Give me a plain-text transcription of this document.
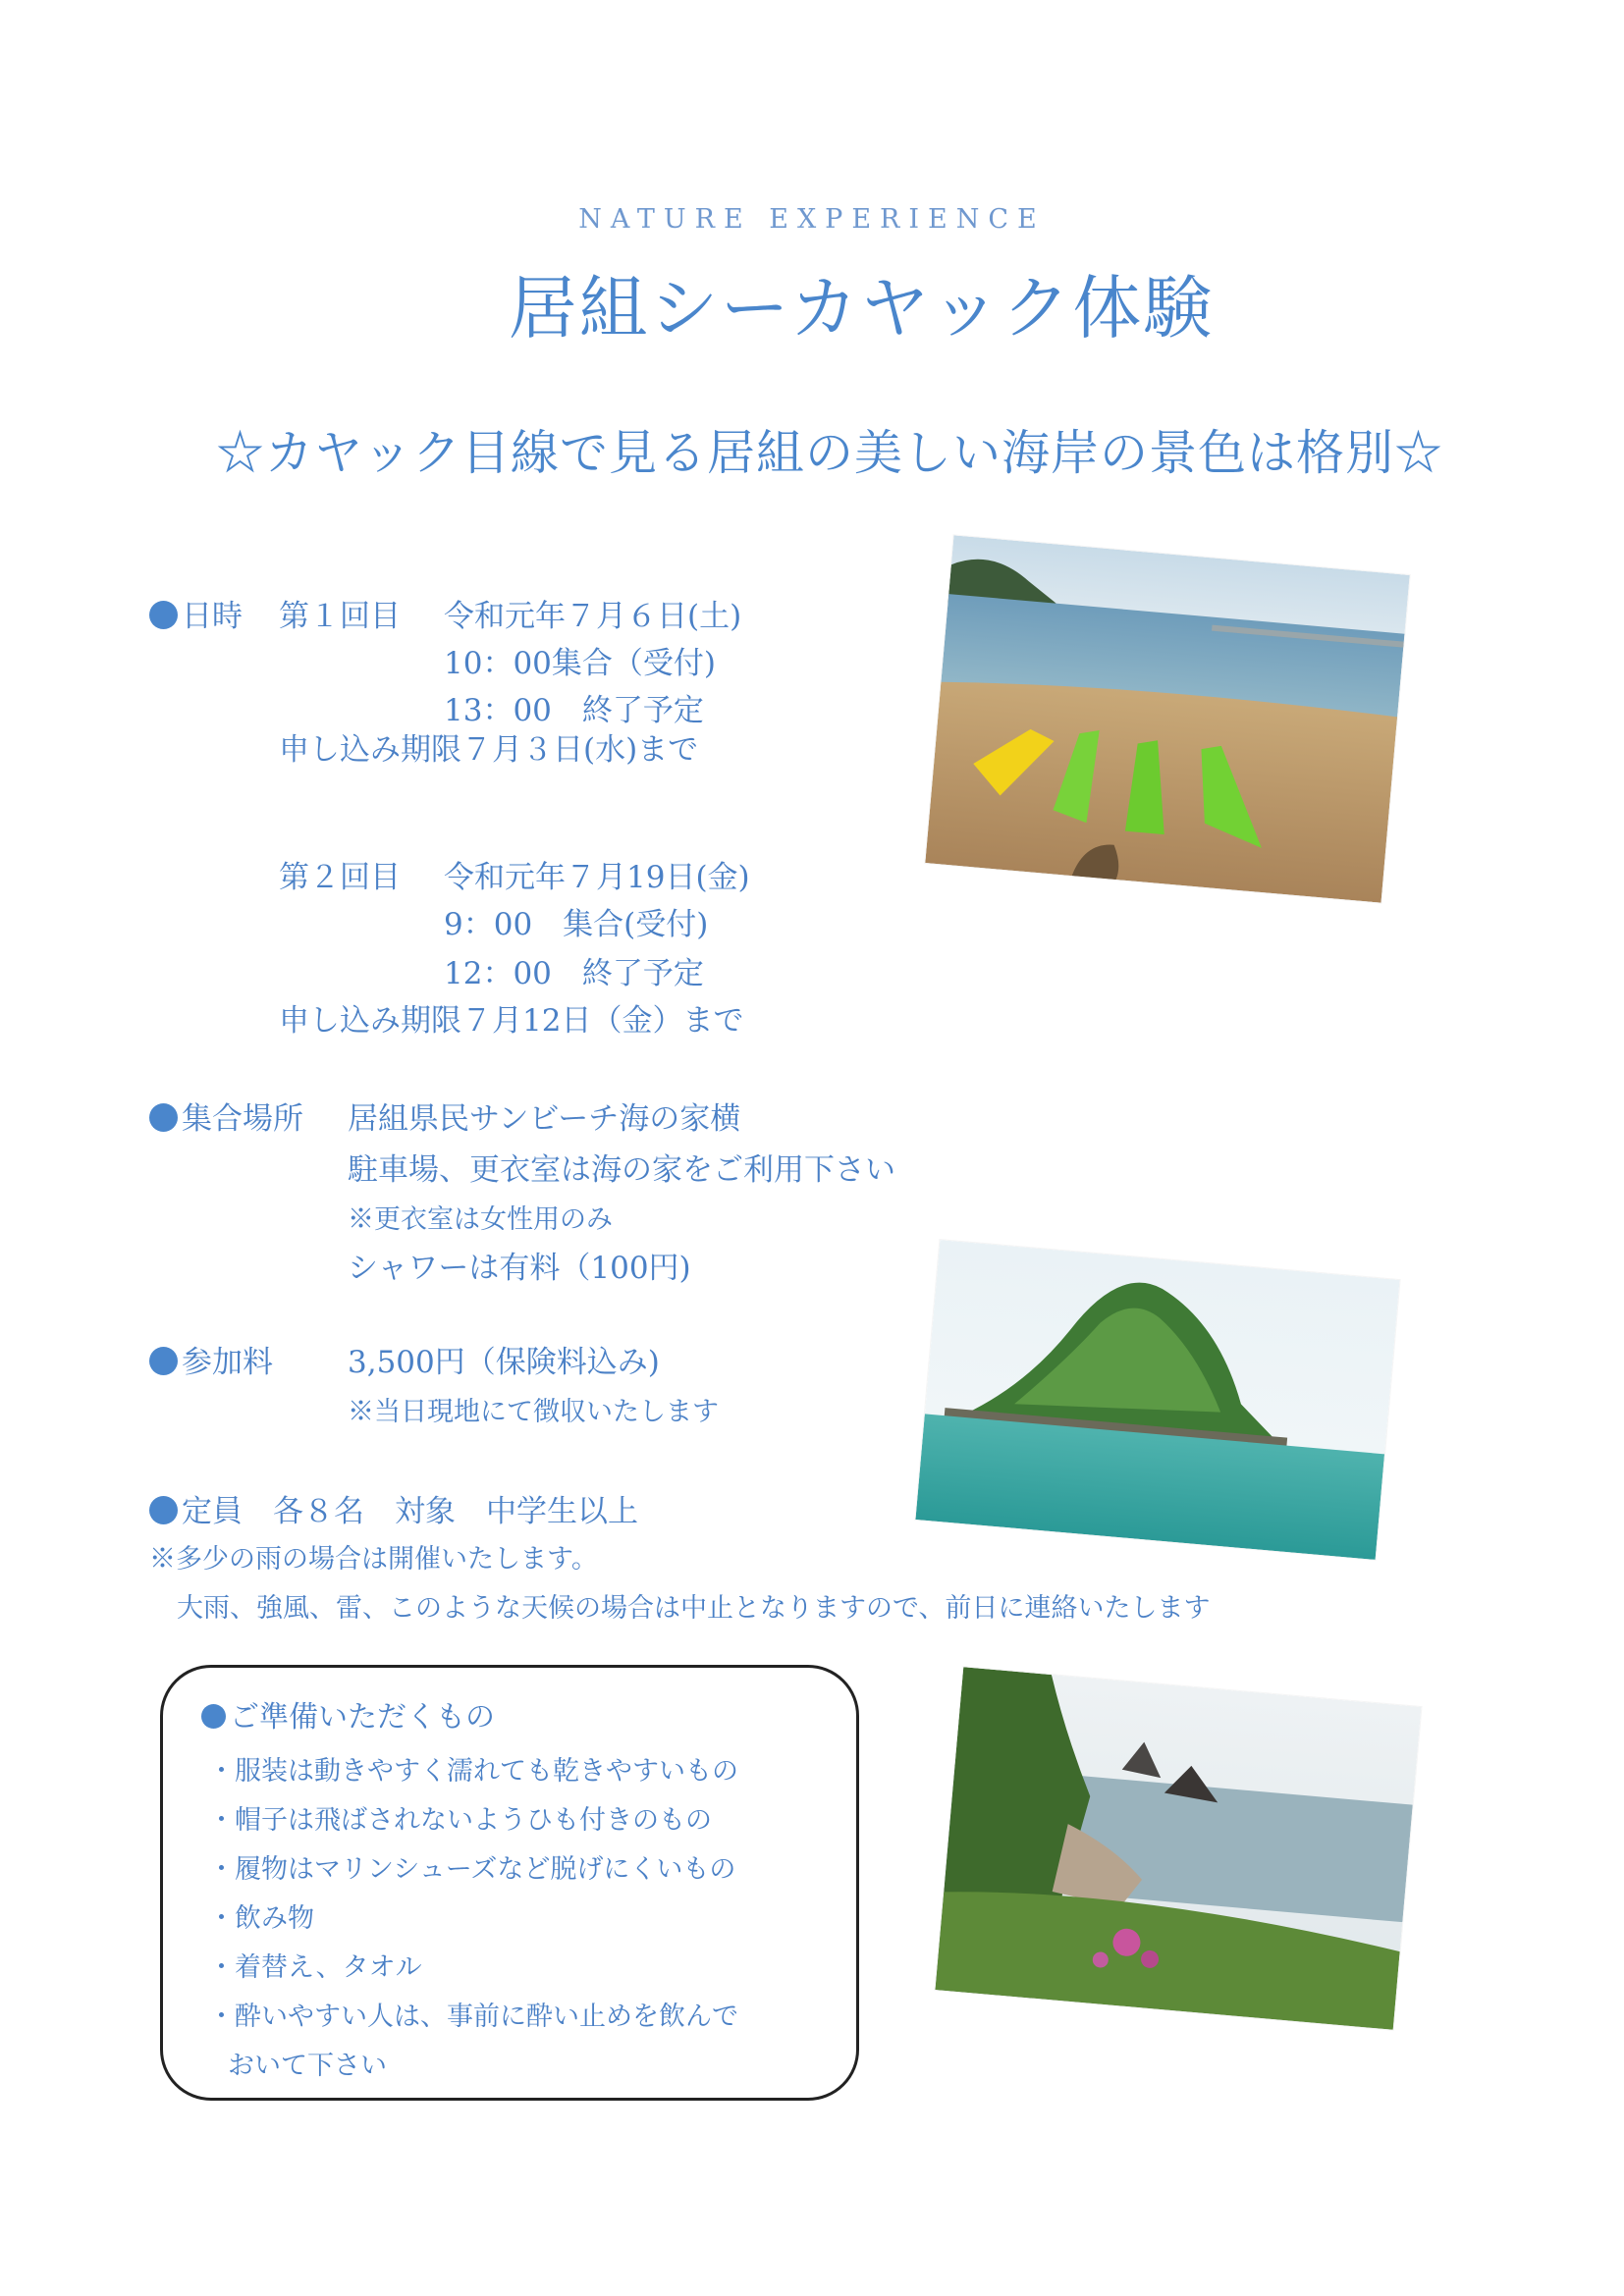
NATURE EXPERIENCE
居組シーカヤック体験
☆カヤック目線で見る居組の美しい海岸の景色は格別☆
日時 第１回目 令和元年７月６日(土)
10：00集合（受付)
13：00　終了予定
申し込み期限７月３日(水)まで
第２回目 令和元年７月19日(金)
9：00　集合(受付)
12：00　終了予定
申し込み期限７月12日（金）まで
集合場所 居組県民サンビーチ海の家横
駐車場、更衣室は海の家をご利用下さい
※更衣室は女性用のみ
シャワーは有料（100円)
参加料 3,500円（保険料込み)
※当日現地にて徴収いたします
定員　各８名　対象　中学生以上
※多少の雨の場合は開催いたします。
大雨、強風、雷、このような天候の場合は中止となりますので、前日に連絡いたします
ご準備いただくもの
・服装は動きやすく濡れても乾きやすいもの
・帽子は飛ばされないようひも付きのもの
・履物はマリンシューズなど脱げにくいもの
・飲み物
・着替え、タオル
・酔いやすい人は、事前に酔い止めを飲んで
おいて下さい
